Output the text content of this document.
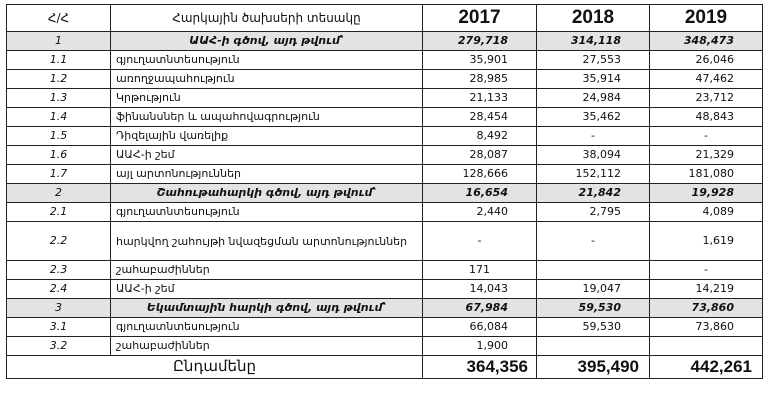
Հ/Հ	Հարկային ծախսերի տեսակը	2017	2018	2019
1	ԱԱՀ-ի գծով, այդ թվում՝	279,718	314,118	348,473
1.1	գյուղատնտեսություն	35,901	27,553	26,046
1.2	առողջապահություն	28,985	35,914	47,462
1.3	Կրթություն	21,133	24,984	23,712
1.4	ֆինանսներ և ապահովագրություն	28,454	35,462	48,843
1.5	Դիզելային վառելիք	8,492	-	-
1.6	ԱԱՀ-ի շեմ	28,087	38,094	21,329
1.7	այլ արտոնություններ	128,666	152,112	181,080
2	Շահութահարկի գծով, այդ թվում՝	16,654	21,842	19,928
2.1	գյուղատնտեսություն	2,440	2,795	4,089
2.2	հարկվող շահույթի նվազեցման արտոնություններ	-	-	1,619
2.3	շահաբաժիններ	171		-
2.4	ԱԱՀ-ի շեմ	14,043	19,047	14,219
3	Եկամտային հարկի գծով, այդ թվում՝	67,984	59,530	73,860
3.1	գյուղատնտեսություն	66,084	59,530	73,860
3.2	շահաբաժիններ	1,900		
Ընդամենը		364,356	395,490	442,261
